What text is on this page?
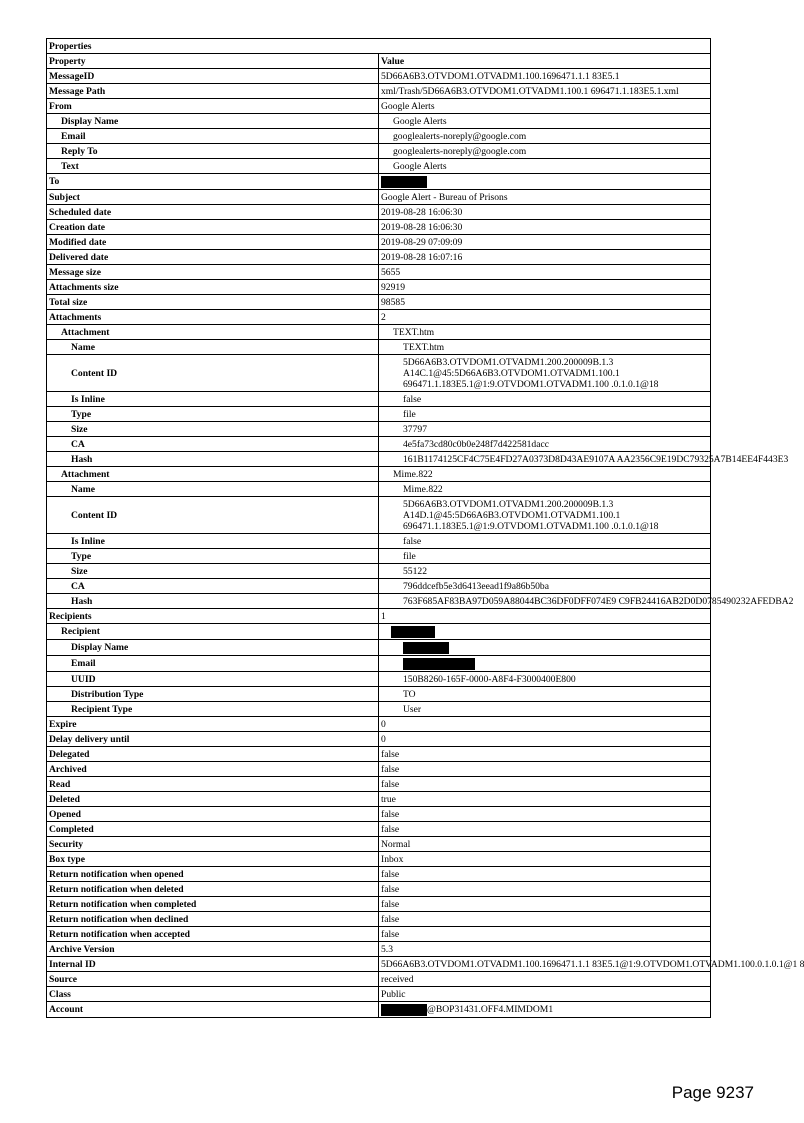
Properties	
Property	Value
MessageID	5D66A6B3.OTVDOM1.OTVADM1.100.1696471.1.1 83E5.1
Message Path	xml/Trash/5D66A6B3.OTVDOM1.OTVADM1.100.1 696471.1.183E5.1.xml
From	Google Alerts
Display Name	Google Alerts
Email	googlealerts-noreply@google.com
Reply To	googlealerts-noreply@google.com
Text	Google Alerts
To	
Subject	Google Alert - Bureau of Prisons
Scheduled date	2019-08-28 16:06:30
Creation date	2019-08-28 16:06:30
Modified date	2019-08-29 07:09:09
Delivered date	2019-08-28 16:07:16
Message size	5655
Attachments size	92919
Total size	98585
Attachments	2
Attachment	TEXT.htm
Name	TEXT.htm
Content ID	5D66A6B3.OTVDOM1.OTVADM1.200.200009B.1.3
A14C.1@45:5D66A6B3.OTVDOM1.OTVADM1.100.1
696471.1.183E5.1@1:9.OTVDOM1.OTVADM1.100 .0.1.0.1@18
Is Inline	false
Type	file
Size	37797
CA	4e5fa73cd80c0b0e248f7d422581dacc
Hash	161B1174125CF4C75E4FD27A0373D8D43AE9107A AA2356C9E19DC79325A7B14EE4F443E3
Attachment	Mime.822
Name	Mime.822
Content ID	5D66A6B3.OTVDOM1.OTVADM1.200.200009B.1.3
A14D.1@45:5D66A6B3.OTVDOM1.OTVADM1.100.1
696471.1.183E5.1@1:9.OTVDOM1.OTVADM1.100 .0.1.0.1@18
Is Inline	false
Type	file
Size	55122
CA	796ddcefb5e3d6413eead1f9a86b50ba
Hash	763F685AF83BA97D059A88044BC36DF0DFF074E9 C9FB24416AB2D0D0785490232AFEDBA2
Recipients	1
Recipient	
Display Name	
Email	
UUID	150B8260-165F-0000-A8F4-F3000400E800
Distribution Type	TO
Recipient Type	User
Expire	0
Delay delivery until	0
Delegated	false
Archived	false
Read	false
Deleted	true
Opened	false
Completed	false
Security	Normal
Box type	Inbox
Return notification when opened	false
Return notification when deleted	false
Return notification when completed	false
Return notification when declined	false
Return notification when accepted	false
Archive Version	5.3
Internal ID	5D66A6B3.OTVDOM1.OTVADM1.100.1696471.1.1 83E5.1@1:9.OTVDOM1.OTVADM1.100.0.1.0.1@1 8
Source	received
Class	Public
Account	@BOP31431.OFF4.MIMDOM1
Page 9237
